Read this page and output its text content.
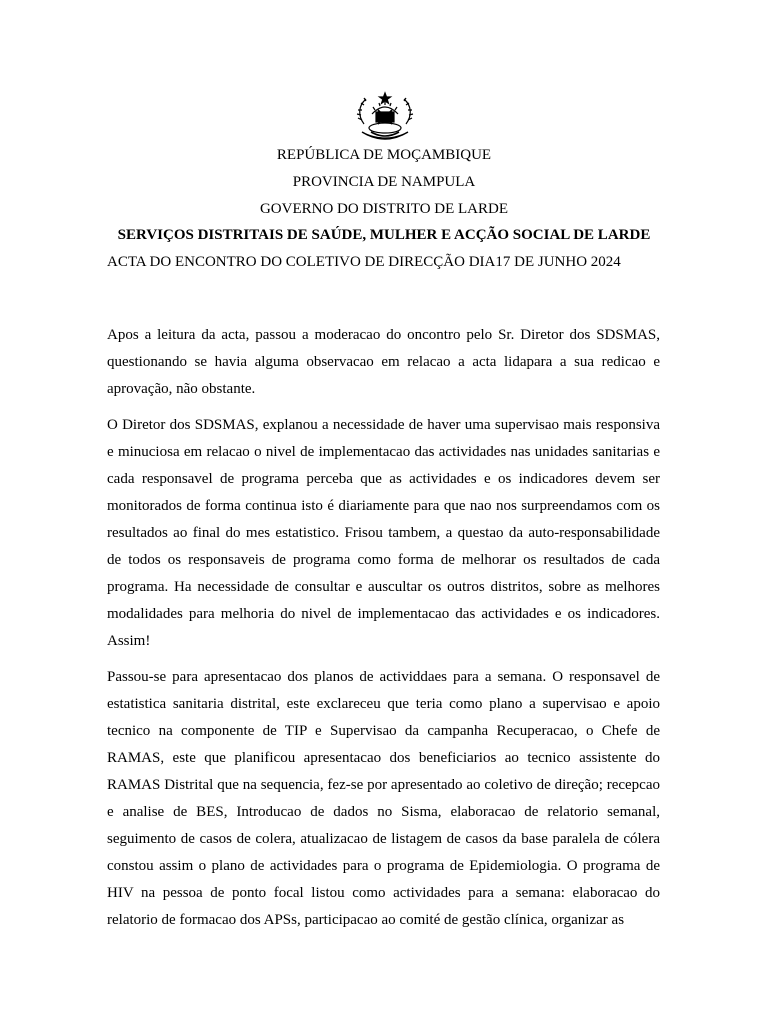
REPÚBLICA DE MOÇAMBIQUE
PROVINCIA DE NAMPULA
GOVERNO DO DISTRITO DE LARDE
SERVIÇOS DISTRITAIS DE SAÚDE, MULHER E ACÇÃO SOCIAL DE LARDE
ACTA DO ENCONTRO DO COLETIVO DE DIRECÇÃO DIA17 DE JUNHO 2024

Apos a leitura da acta, passou a moderacao do oncontro pelo Sr. Diretor dos SDSMAS, questionando se havia alguma observacao em relacao a acta lidapara a sua redicao e aprovação, não obstante.

O Diretor dos SDSMAS, explanou a necessidade de haver uma supervisao mais responsiva e minuciosa em relacao o nivel de implementacao das actividades nas unidades sanitarias e cada responsavel de programa perceba que as actividades e os indicadores devem ser monitorados de forma continua isto é diariamente para que nao nos surpreendamos com os resultados ao final do mes estatistico. Frisou tambem, a questao da auto-responsabilidade de todos os responsaveis de programa como forma de melhorar os resultados de cada programa. Ha necessidade de consultar e auscultar os outros distritos, sobre as melhores modalidades para melhoria do nivel de implementacao das actividades e os indicadores. Assim!

Passou-se para apresentacao dos planos de actividdaes para a semana. O responsavel de estatistica sanitaria distrital, este exclareceu que teria como plano a supervisao e apoio tecnico na componente de TIP e Supervisao da campanha Recuperacao, o Chefe de RAMAS, este que planificou apresentacao dos beneficiarios ao tecnico assistente do RAMAS Distrital que na sequencia, fez-se por apresentado ao coletivo de direção; recepcao e analise de BES, Introducao de dados no Sisma, elaboracao de relatorio semanal, seguimento de casos de colera, atualizacao de listagem de casos da base paralela de cólera constou assim o plano de actividades para o programa de Epidemiologia. O programa de HIV na pessoa de ponto focal listou como actividades para a semana: elaboracao do relatorio de formacao dos APSs, participacao ao comité de gestão clínica, organizar as
